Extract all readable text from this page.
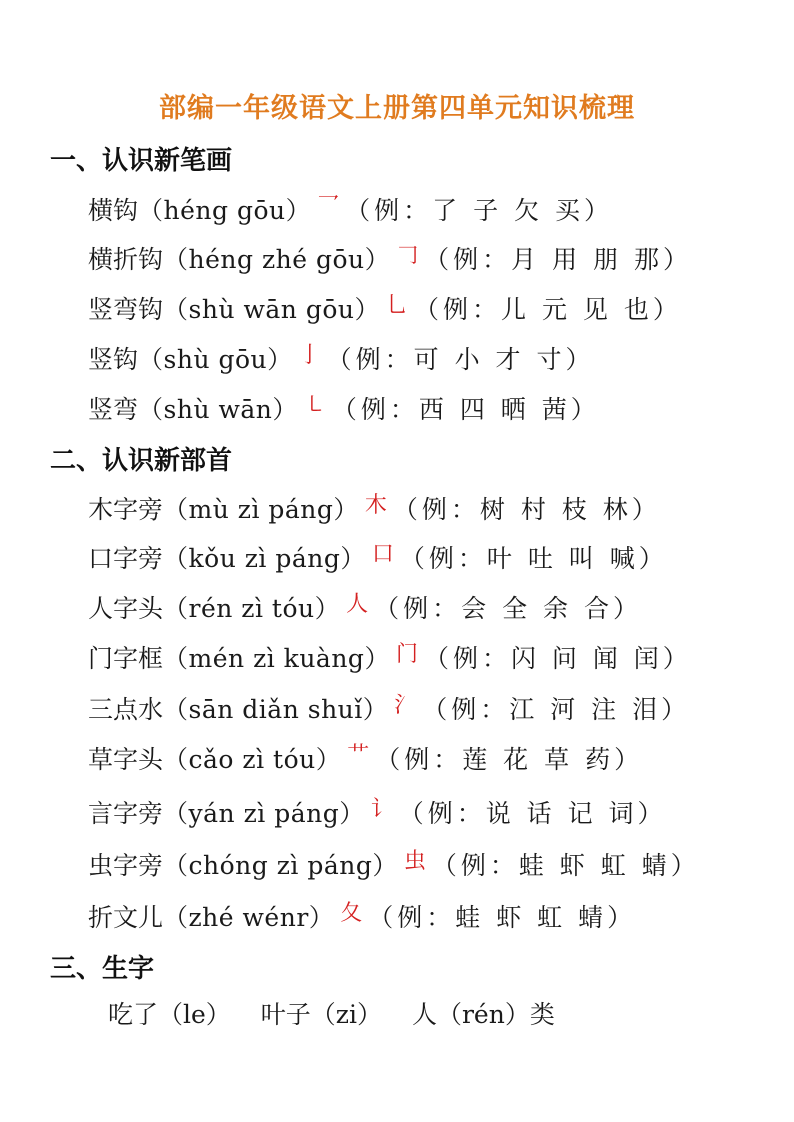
部编一年级语文上册第四单元知识梳理
一、认识新笔画
横钩（héng gōu） 乛 （例：了 子 欠 买）
横折钩（héng zhé gōu） 𠃌 （例：月 用 朋 那）
竖弯钩（shù wān gōu） 乚 （例：儿 元 见 也）
竖钩（shù gōu） 亅 （例：可 小 才 寸）
竖弯（shù wān） ㇄ （例：西 四 晒 茜）
二、认识新部首
木字旁（mù zì páng） 木 （例：树 村 枝 林）
口字旁（kǒu zì páng） 口 （例：叶 吐 叫 喊）
人字头（rén zì tóu） 人 （例：会 全 余 合）
门字框（mén zì kuàng） 门 （例：闪 问 闻 闰）
三点水（sān diǎn shuǐ） 氵 （例：江 河 注 泪）
草字头（cǎo zì tóu） 艹 （例：莲 花 草 药）
言字旁（yán zì páng） 讠 （例：说 话 记 词）
虫字旁（chóng zì páng） 虫 （例：蛙 虾 虹 蜻）
折文儿（zhé wénr） 夂 （例：蛙 虾 虹 蜻）
三、生字
吃了（le） 叶子（zi） 人（rén）类
